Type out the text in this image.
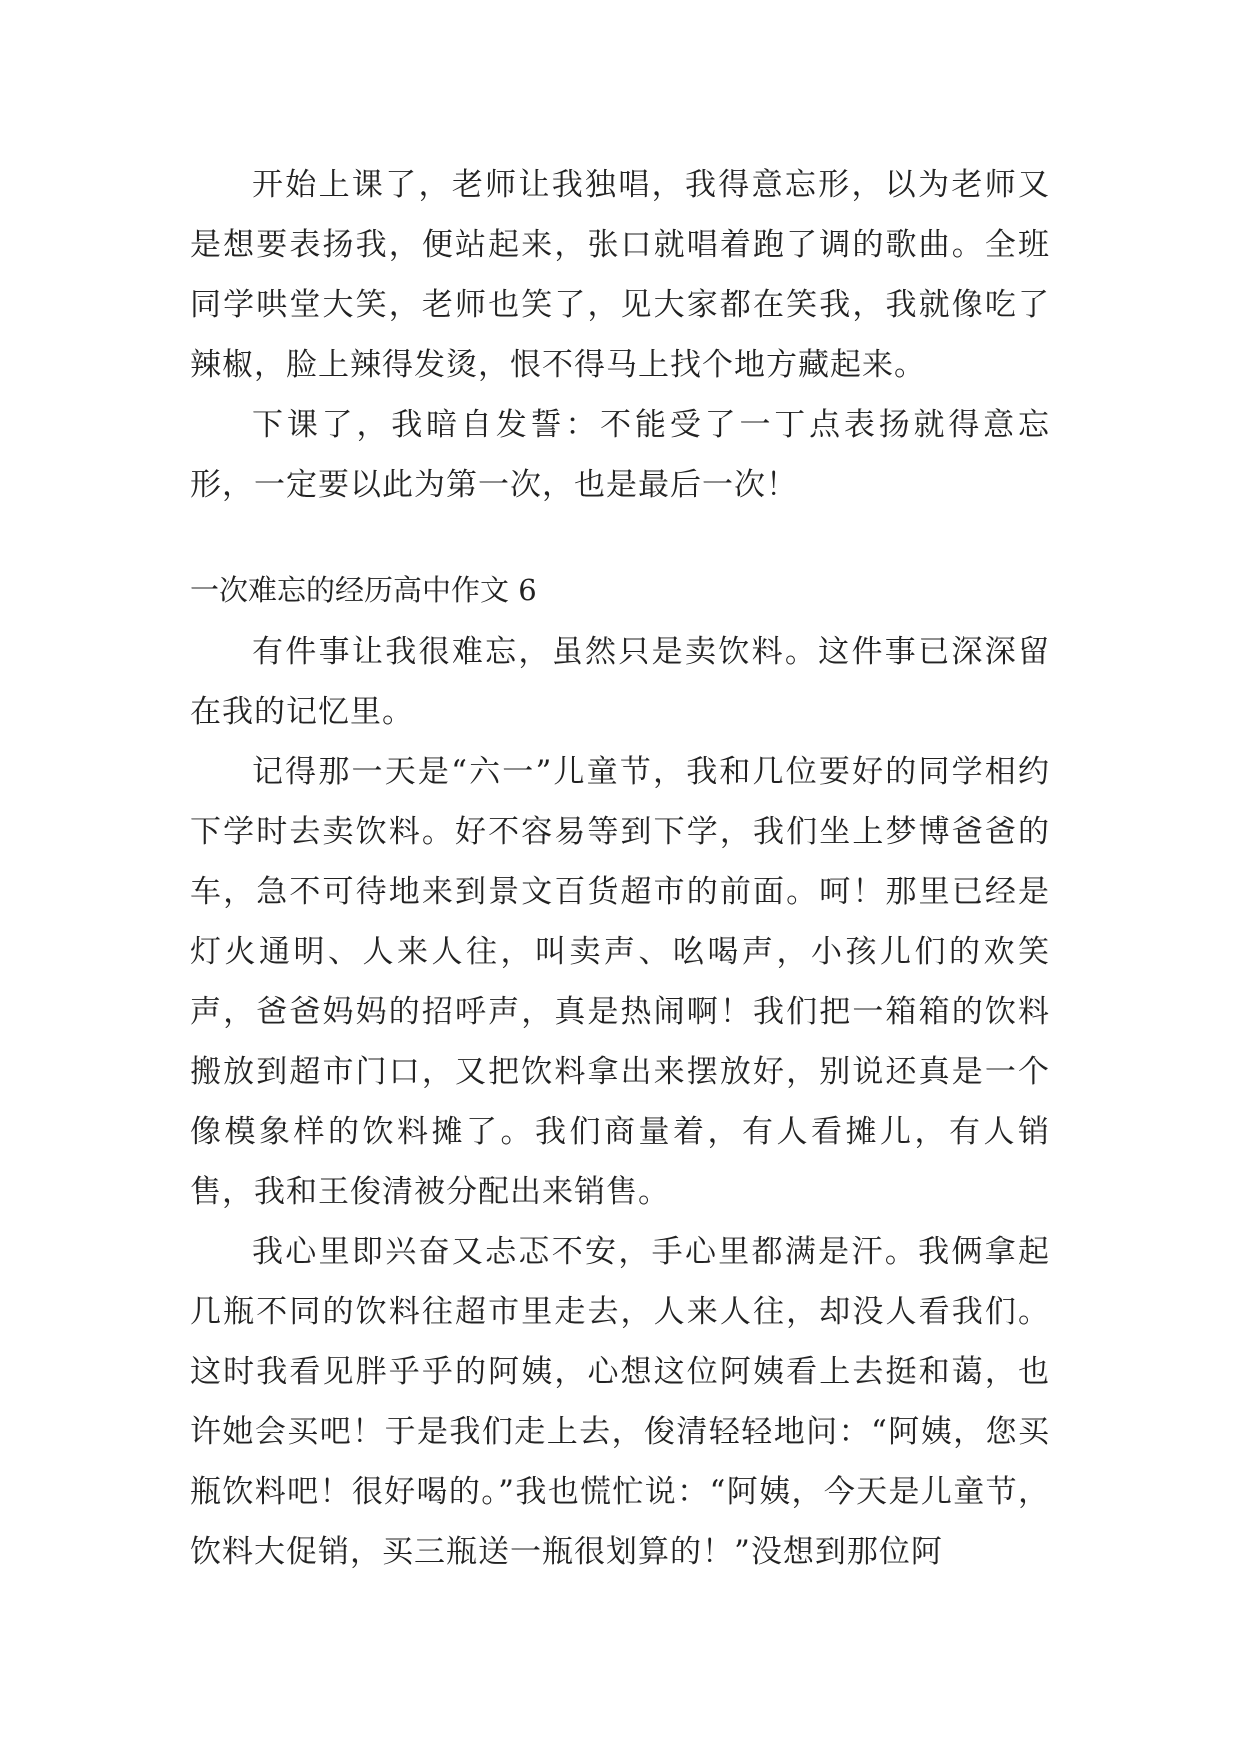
开始上课了，老师让我独唱，我得意忘形，以为老师又是想要表扬我，便站起来，张口就唱着跑了调的歌曲。全班同学哄堂大笑，老师也笑了，见大家都在笑我，我就像吃了辣椒，脸上辣得发烫，恨不得马上找个地方藏起来。

下课了，我暗自发誓：不能受了一丁点表扬就得意忘形，一定要以此为第一次，也是最后一次！

一次难忘的经历高中作文 6

有件事让我很难忘，虽然只是卖饮料。这件事已深深留在我的记忆里。

记得那一天是“六一”儿童节，我和几位要好的同学相约下学时去卖饮料。好不容易等到下学，我们坐上梦博爸爸的车，急不可待地来到景文百货超市的前面。呵！那里已经是灯火通明、人来人往，叫卖声、吆喝声，小孩儿们的欢笑声，爸爸妈妈的招呼声，真是热闹啊！我们把一箱箱的饮料搬放到超市门口，又把饮料拿出来摆放好，别说还真是一个像模象样的饮料摊了。我们商量着，有人看摊儿，有人销售，我和王俊清被分配出来销售。

我心里即兴奋又忐忑不安，手心里都满是汗。我俩拿起几瓶不同的饮料往超市里走去，人来人往，却没人看我们。这时我看见胖乎乎的阿姨，心想这位阿姨看上去挺和蔼，也许她会买吧！于是我们走上去，俊清轻轻地问：“阿姨，您买瓶饮料吧！很好喝的。”我也慌忙说：“阿姨，今天是儿童节，饮料大促销，买三瓶送一瓶很划算的！”没想到那位阿
